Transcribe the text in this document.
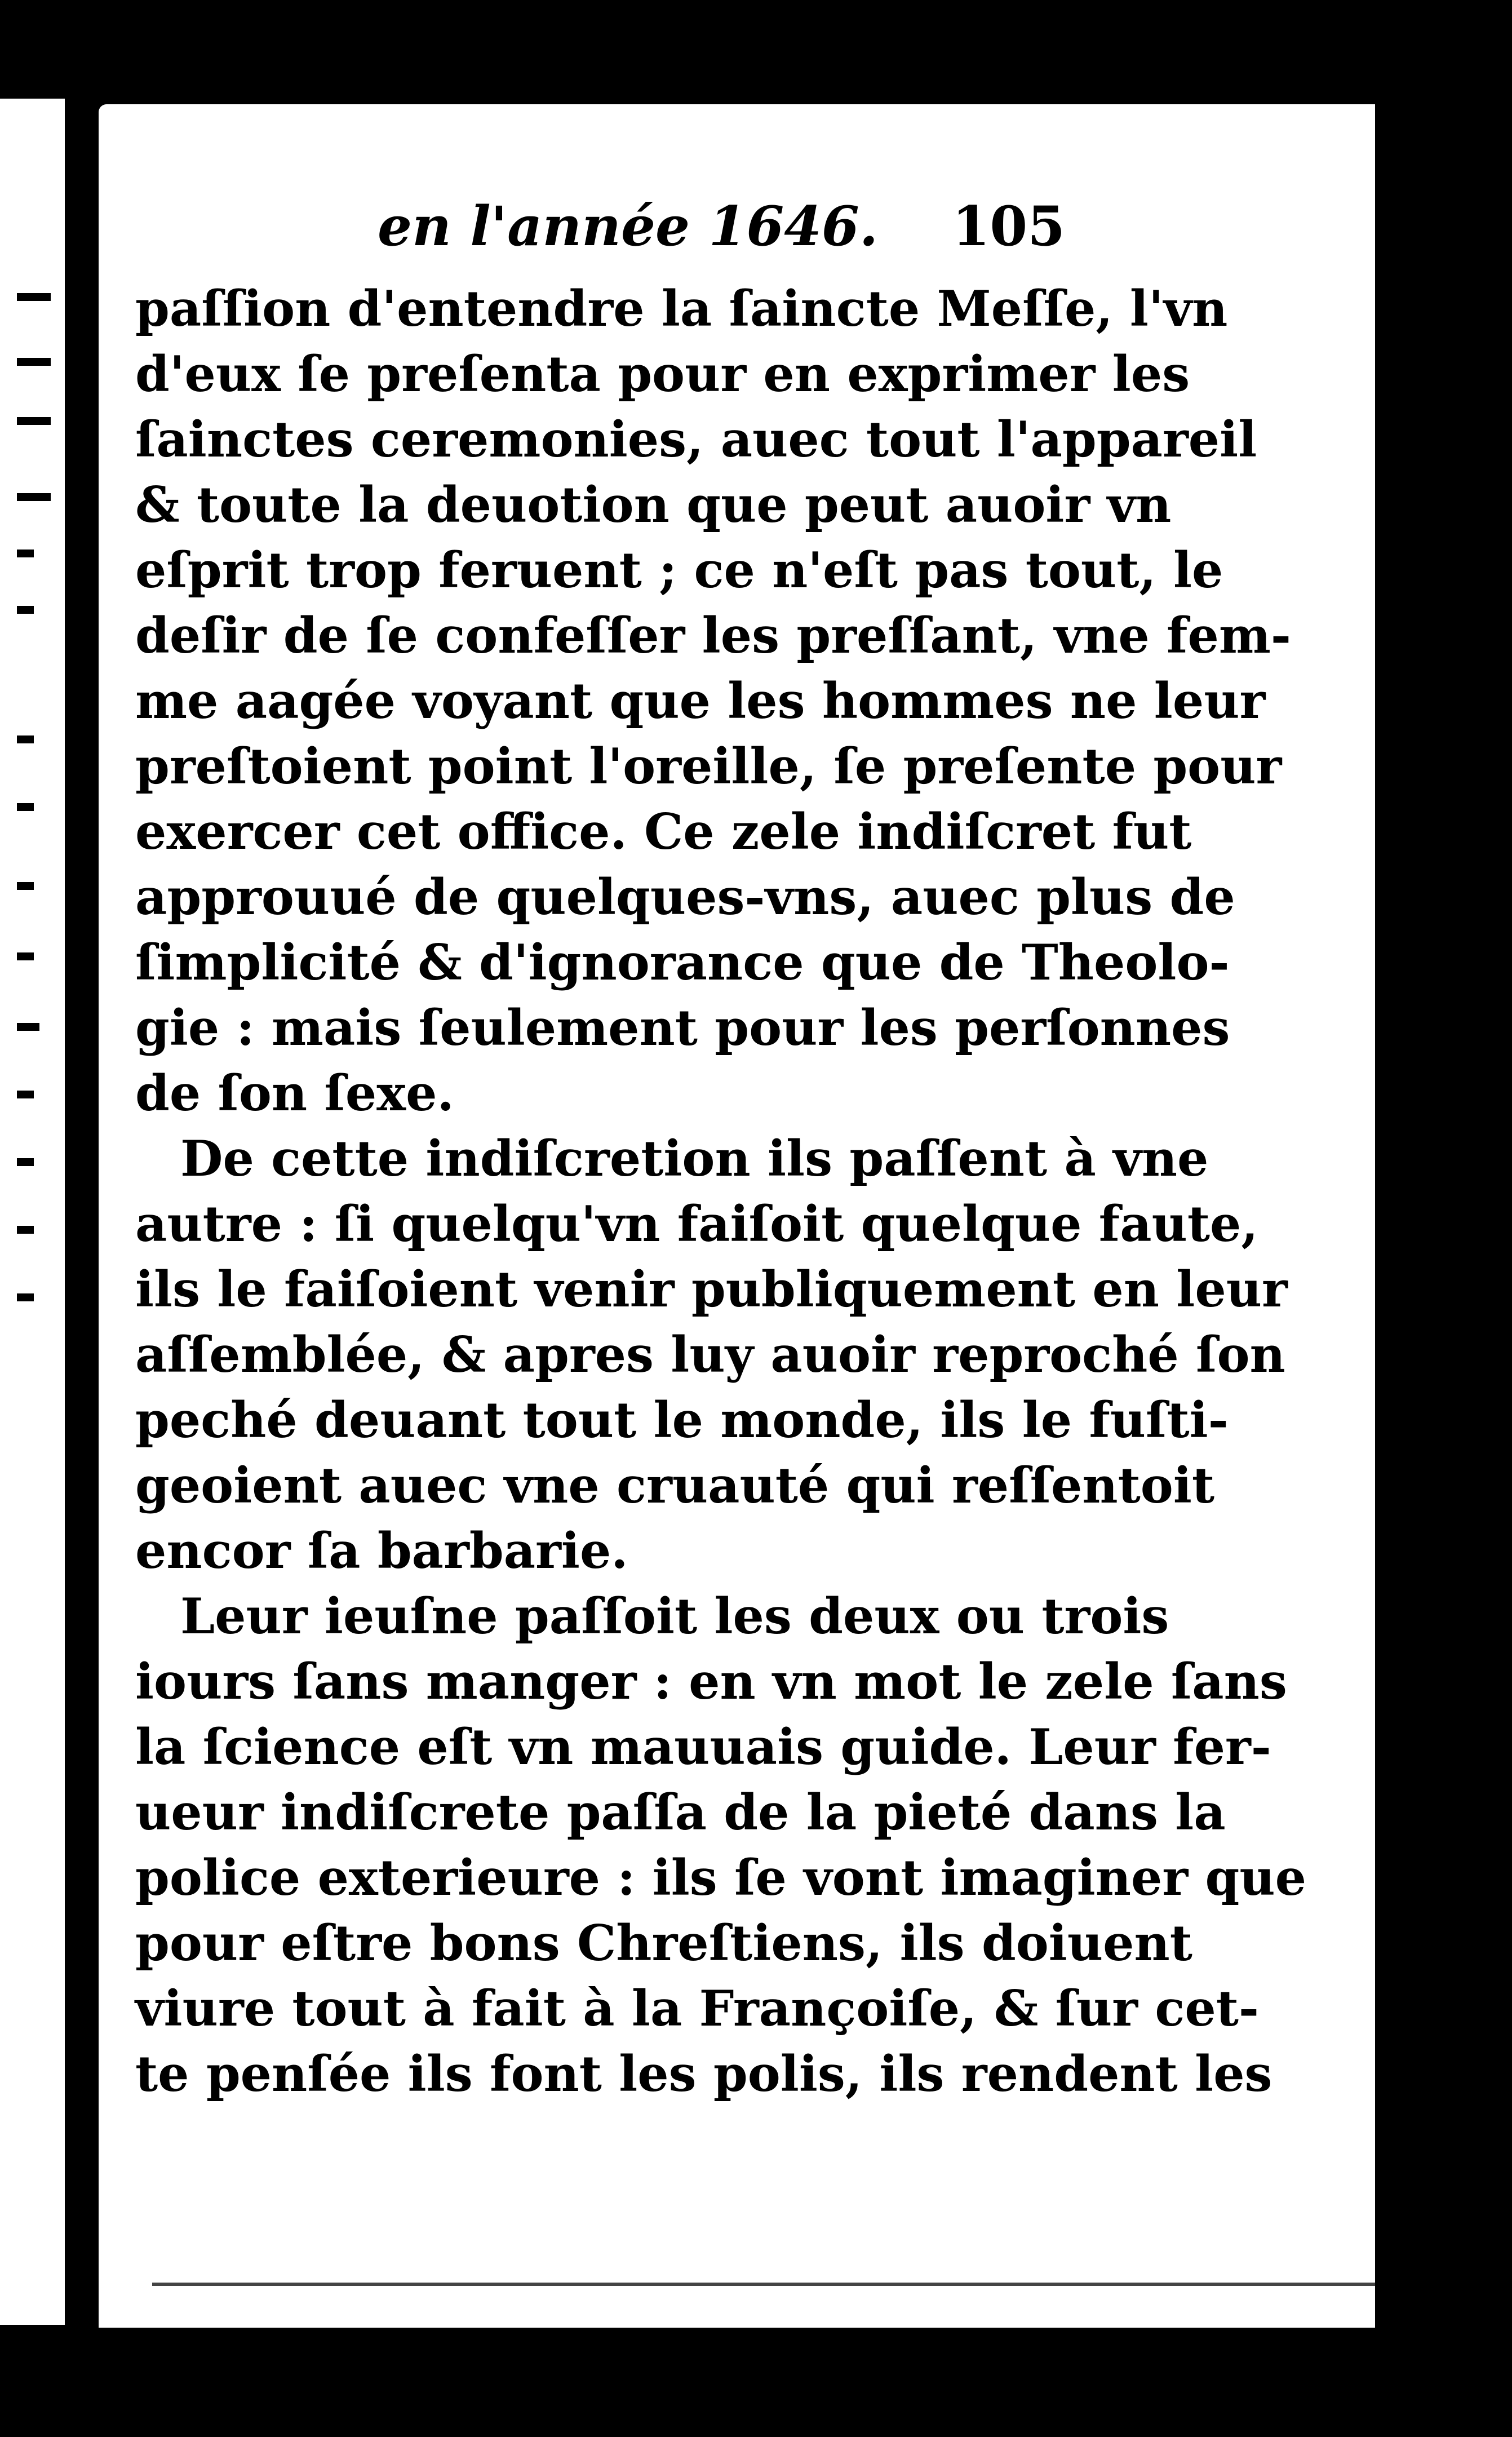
en l'année 1646. 105
paſſion d'entendre la ſaincte Meſſe, l'vn
d'eux ſe preſenta pour en exprimer les
ſainctes ceremonies, auec tout l'appareil
& toute la deuotion que peut auoir vn
eſprit trop feruent ; ce n'eſt pas tout, le
deſir de ſe confeſſer les preſſant, vne fem-
me aagée voyant que les hommes ne leur
preſtoient point l'oreille, ſe preſente pour
exercer cet office. Ce zele indiſcret fut
approuué de quelques-vns, auec plus de
ſimplicité & d'ignorance que de Theolo-
gie : mais ſeulement pour les perſonnes
de ſon ſexe.
De cette indiſcretion ils paſſent à vne
autre : ſi quelqu'vn faiſoit quelque faute,
ils le faiſoient venir publiquement en leur
aſſemblée, & apres luy auoir reproché ſon
peché deuant tout le monde, ils le fuſti-
geoient auec vne cruauté qui reſſentoit
encor ſa barbarie.
Leur ieuſne paſſoit les deux ou trois
iours ſans manger : en vn mot le zele ſans
la ſcience eſt vn mauuais guide. Leur fer-
ueur indiſcrete paſſa de la pieté dans la
police exterieure : ils ſe vont imaginer que
pour eſtre bons Chreſtiens, ils doiuent
viure tout à fait à la Françoiſe, & ſur cet-
te penſée ils font les polis, ils rendent les
